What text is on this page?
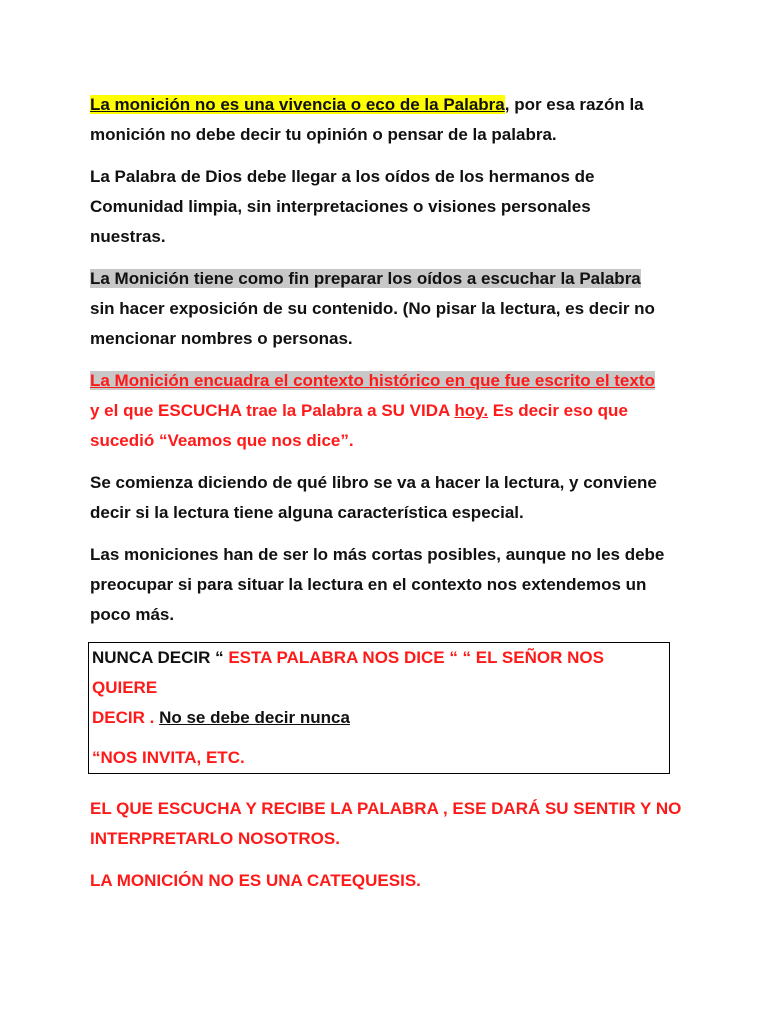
La monición no es una vivencia o eco de la Palabra, por esa razón la
monición no debe decir tu opinión o pensar de la palabra.

La Palabra de Dios debe llegar a los oídos de los hermanos de
Comunidad limpia, sin interpretaciones o visiones personales
nuestras.

La Monición tiene como fin preparar los oídos a escuchar la Palabra
sin hacer exposición de su contenido. (No pisar la lectura, es decir no
mencionar nombres o personas.

La Monición encuadra el contexto histórico en que fue escrito el texto
y el que ESCUCHA trae la Palabra a SU VIDA hoy. Es decir eso que
sucedió “Veamos que nos dice”.

Se comienza diciendo de qué libro se va a hacer la lectura, y conviene
decir si la lectura tiene alguna característica especial.

Las moniciones han de ser lo más cortas posibles, aunque no les debe
preocupar si para situar la lectura en el contexto nos extendemos un
poco más.

NUNCA DECIR “ ESTA PALABRA NOS DICE “ “ EL SEÑOR NOS QUIERE
DECIR . No se debe decir nunca
“NOS INVITA, ETC.

EL QUE ESCUCHA Y RECIBE LA PALABRA , ESE DARÁ SU SENTIR Y NO
INTERPRETARLO NOSOTROS.

LA MONICIÓN NO ES UNA CATEQUESIS.
